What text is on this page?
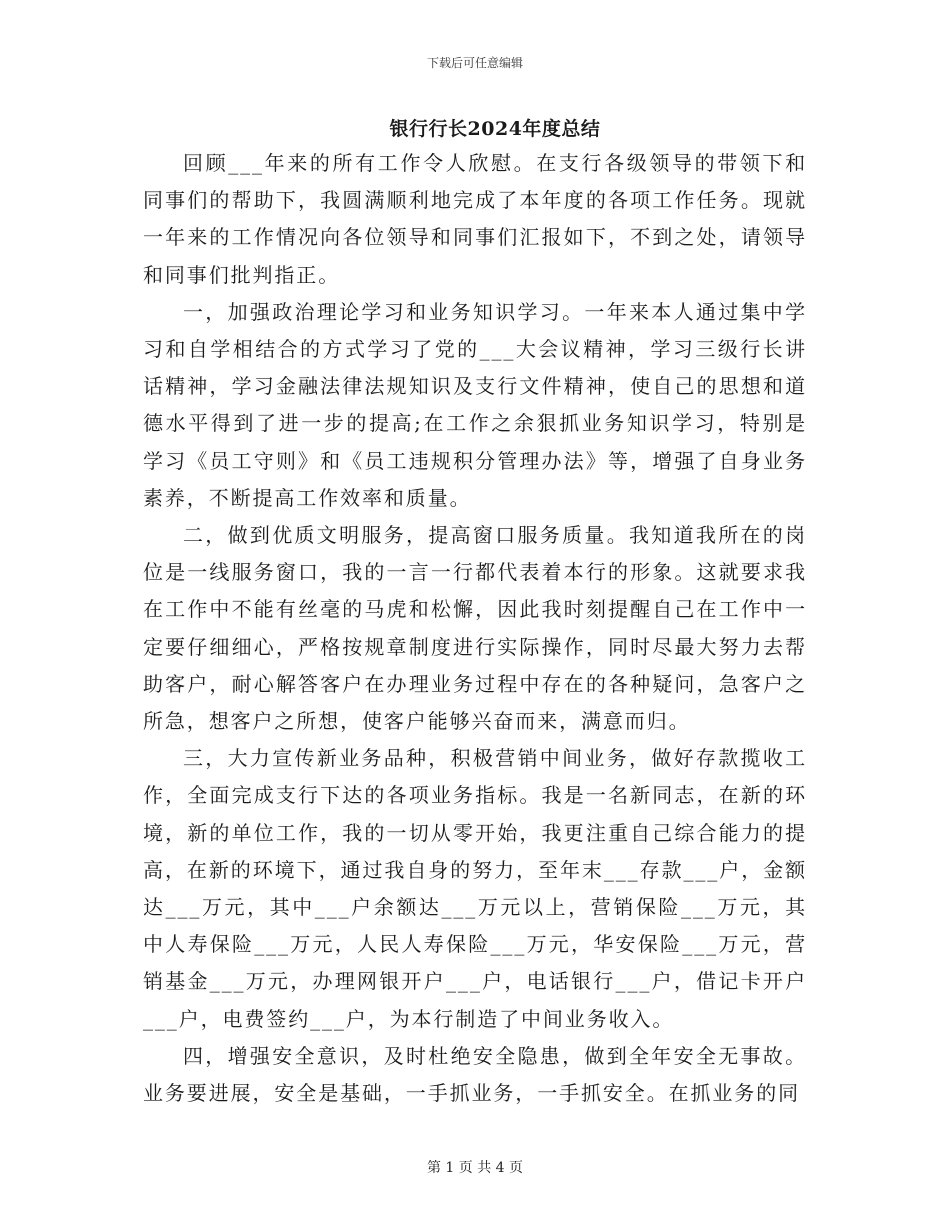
下载后可任意编辑
银行行长2024年度总结

回顾___年来的所有工作令人欣慰。在支行各级领导的带领下和同事们的帮助下，我圆满顺利地完成了本年度的各项工作任务。现就一年来的工作情况向各位领导和同事们汇报如下，不到之处，请领导和同事们批判指正。

一，加强政治理论学习和业务知识学习。一年来本人通过集中学习和自学相结合的方式学习了党的___大会议精神，学习三级行长讲话精神，学习金融法律法规知识及支行文件精神，使自己的思想和道德水平得到了进一步的提高;在工作之余狠抓业务知识学习，特别是学习《员工守则》和《员工违规积分管理办法》等，增强了自身业务素养，不断提高工作效率和质量。

二，做到优质文明服务，提高窗口服务质量。我知道我所在的岗位是一线服务窗口，我的一言一行都代表着本行的形象。这就要求我在工作中不能有丝毫的马虎和松懈，因此我时刻提醒自己在工作中一定要仔细细心，严格按规章制度进行实际操作，同时尽最大努力去帮助客户，耐心解答客户在办理业务过程中存在的各种疑问，急客户之所急，想客户之所想，使客户能够兴奋而来，满意而归。

三，大力宣传新业务品种，积极营销中间业务，做好存款揽收工作，全面完成支行下达的各项业务指标。我是一名新同志，在新的环境，新的单位工作，我的一切从零开始，我更注重自己综合能力的提高，在新的环境下，通过我自身的努力，至年末___存款___户，金额达___万元，其中___户余额达___万元以上，营销保险___万元，其中人寿保险___万元，人民人寿保险___万元，华安保险___万元，营销基金___万元，办理网银开户___户，电话银行___户，借记卡开户___户，电费签约___户，为本行制造了中间业务收入。

四，增强安全意识，及时杜绝安全隐患，做到全年安全无事故。业务要进展，安全是基础，一手抓业务，一手抓安全。在抓业务的同

第 1 页 共 4 页
